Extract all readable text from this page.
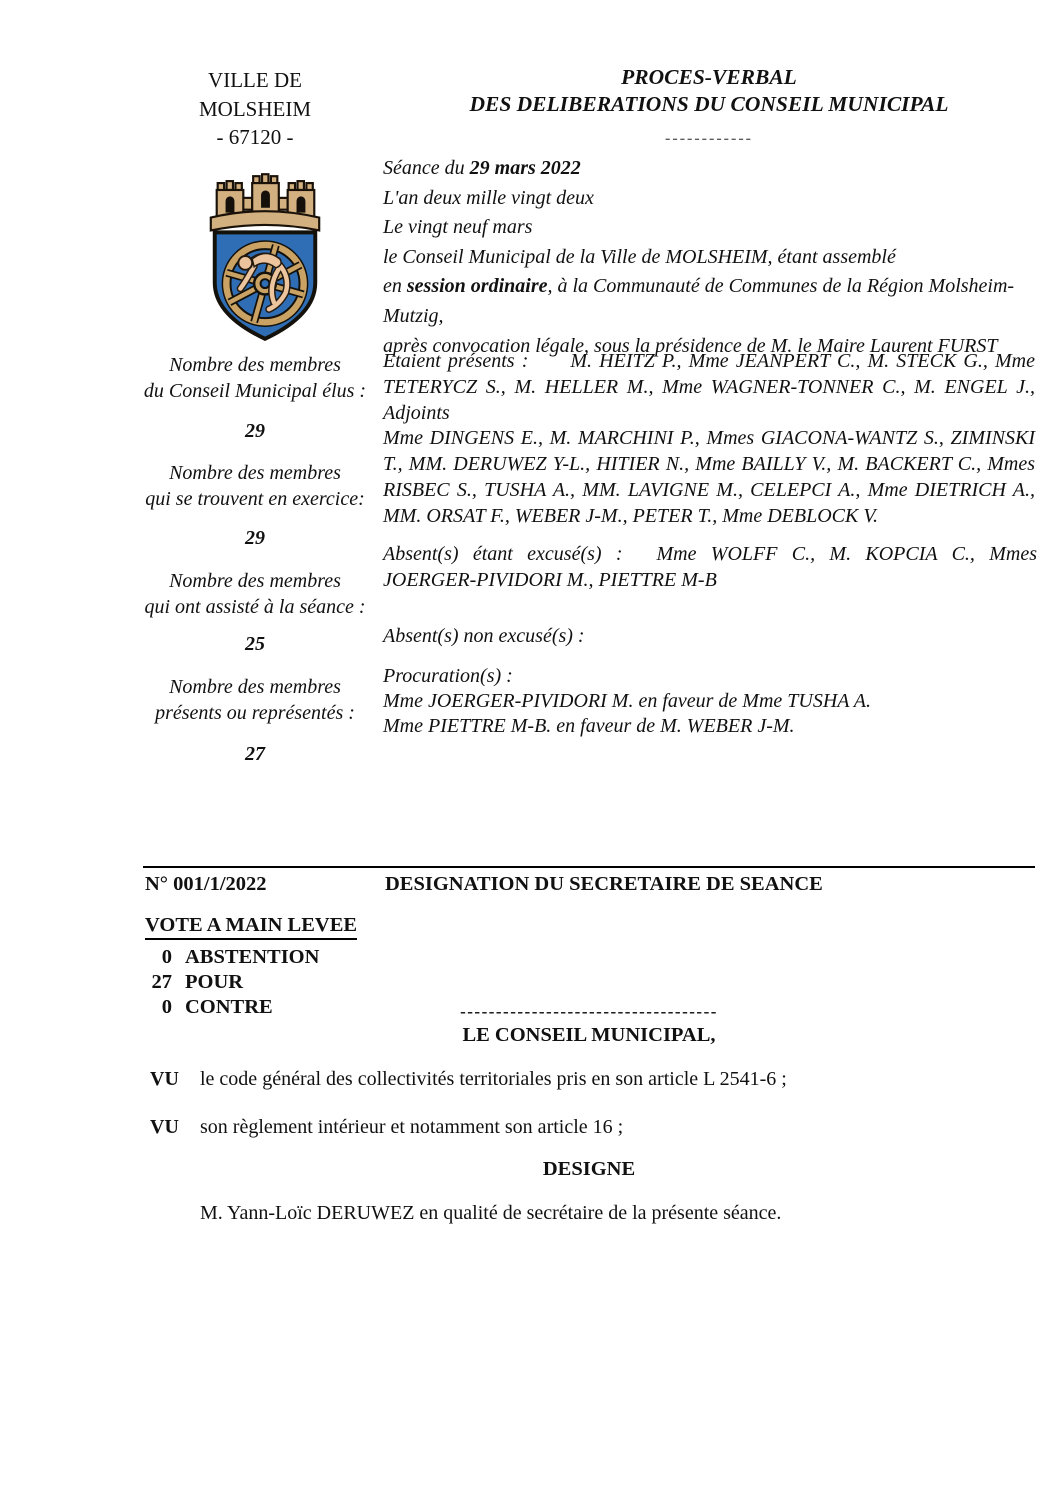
VILLE DE
MOLSHEIM
- 67120 -
PROCES-VERBAL
DES DELIBERATIONS DU CONSEIL MUNICIPAL
------------
Séance du 29 mars 2022
L'an deux mille vingt deux
Le vingt neuf mars
le Conseil Municipal de la Ville de MOLSHEIM, étant assemblé
en session ordinaire, à la Communauté de Communes de la Région Molsheim-Mutzig,
après convocation légale, sous la présidence de M. le Maire Laurent FURST
Etaient présents : M. HEITZ P., Mme JEANPERT C., M. STECK G., Mme TETERYCZ S., M. HELLER M., Mme WAGNER-TONNER C., M. ENGEL J., Adjoints
Mme DINGENS E., M. MARCHINI P., Mmes GIACONA-WANTZ S., ZIMINSKI T., MM. DERUWEZ Y-L., HITIER N., Mme BAILLY V., M. BACKERT C., Mmes RISBEC S., TUSHA A., MM. LAVIGNE M., CELEPCI A., Mme DIETRICH A., MM. ORSAT F., WEBER J-M., PETER T., Mme DEBLOCK V.
Absent(s) étant excusé(s) : Mme WOLFF C., M. KOPCIA C., Mmes JOERGER-PIVIDORI M., PIETTRE M-B
Absent(s) non excusé(s) :
Procuration(s) :
Mme JOERGER-PIVIDORI M. en faveur de Mme TUSHA A.
Mme PIETTRE M-B. en faveur de M. WEBER J-M.
Nombre des membres
du Conseil Municipal élus :
29
Nombre des membres
qui se trouvent en exercice:
29
Nombre des membres
qui ont assisté à la séance :
25
Nombre des membres
présents ou représentés :
27
N° 001/1/2022	DESIGNATION DU SECRETAIRE DE SEANCE
VOTE A MAIN LEVEE
0 ABSTENTION
27 POUR
0 CONTRE	------------------------------------
LE CONSEIL MUNICIPAL,
VU le code général des collectivités territoriales pris en son article L 2541-6 ;
VU son règlement intérieur et notamment son article 16 ;
DESIGNE
M. Yann-Loïc DERUWEZ en qualité de secrétaire de la présente séance.
